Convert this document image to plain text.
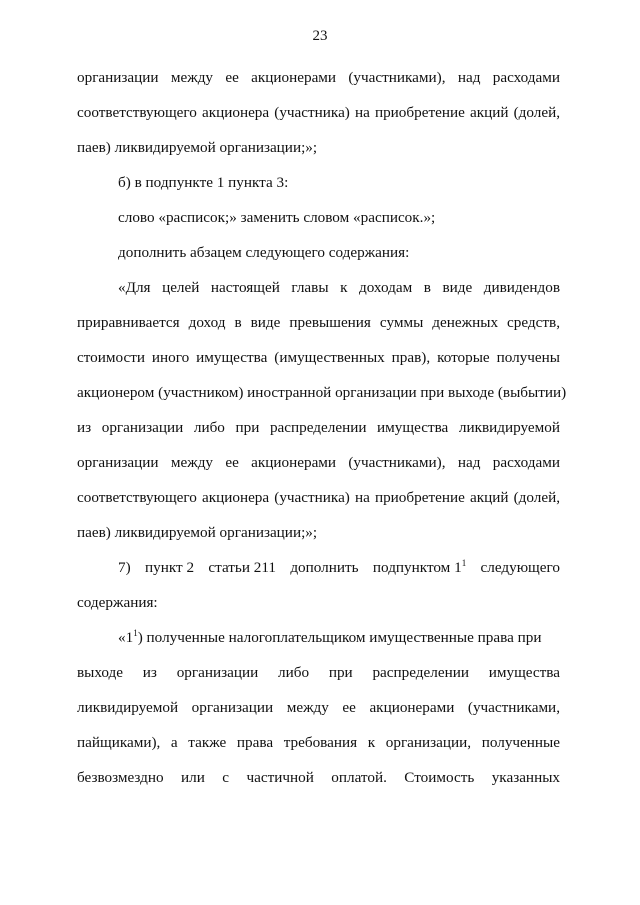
23
организации между ее акционерами (участниками), над расходами
соответствующего акционера (участника) на приобретение акций (долей,
паев) ликвидируемой организации;»;
б) в подпункте 1 пункта 3:
слово «расписок;» заменить словом «расписок.»;
дополнить абзацем следующего содержания:
«Для целей настоящей главы к доходам в виде дивидендов
приравнивается доход в виде превышения суммы денежных средств,
стоимости иного имущества (имущественных прав), которые получены
акционером (участником) иностранной организации при выходе (выбытии)
из организации либо при распределении имущества ликвидируемой
организации между ее акционерами (участниками), над расходами
соответствующего акционера (участника) на приобретение акций (долей,
паев) ликвидируемой организации;»;
7) пункт 2 статьи 211 дополнить подпунктом $1^1$ следующего
содержания:
«$1^1$) полученные налогоплательщиком имущественные права при
выходе из организации либо при распределении имущества
ликвидируемой организации между ее акционерами (участниками,
пайщиками), а также права требования к организации, полученные
безвозмездно или с частичной оплатой. Стоимость указанных
